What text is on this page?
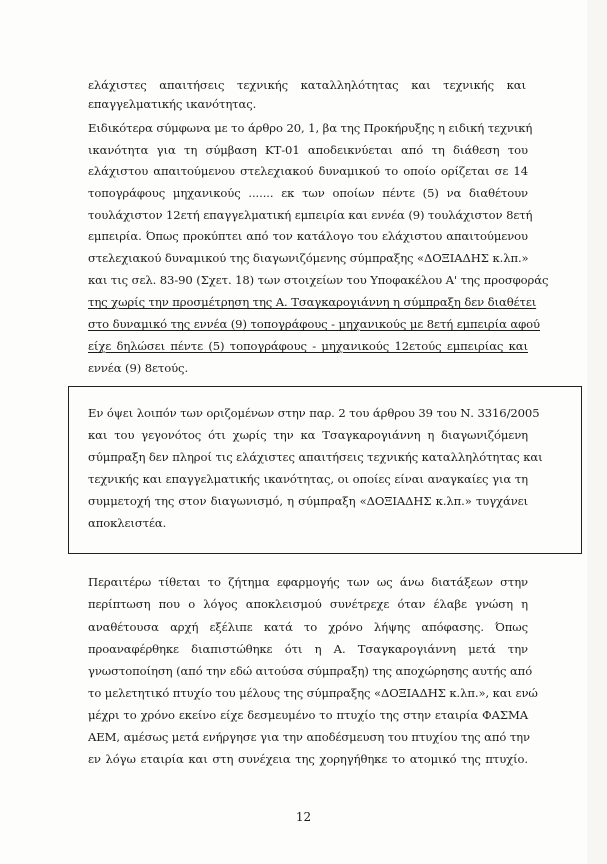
ελάχιστες απαιτήσεις τεχνικής καταλληλότητας και τεχνικής και
επαγγελματικής ικανότητας.
Ειδικότερα σύμφωνα με το άρθρο 20, 1, βα της Προκήρυξης η ειδική τεχνική
ικανότητα για τη σύμβαση ΚΤ-01 αποδεικνύεται από τη διάθεση του
ελάχιστου απαιτούμενου στελεχιακού δυναμικού το οποίο ορίζεται σε 14
τοπογράφους μηχανικούς ....... εκ των οποίων πέντε (5) να διαθέτουν
τουλάχιστον 12ετή επαγγελματική εμπειρία και εννέα (9) τουλάχιστον 8ετή
εμπειρία. Όπως προκύπτει από τον κατάλογο του ελάχιστου απαιτούμενου
στελεχιακού δυναμικού της διαγωνιζόμενης σύμπραξης «ΔΟΞΙΑΔΗΣ κ.λπ.»
και τις σελ. 83-90 (Σχετ. 18) των στοιχείων του Υποφακέλου Α' της προσφοράς
της χωρίς την προσμέτρηση της Α. Τσαγκαρογιάννη η σύμπραξη δεν διαθέτει
στο δυναμικό της εννέα (9) τοπογράφους - μηχανικούς με 8ετή εμπειρία αφού
είχε δηλώσει πέντε (5) τοπογράφους - μηχανικούς 12ετούς εμπειρίας και
εννέα (9) 8ετούς.
Εν όψει λοιπόν των οριζομένων στην παρ. 2 του άρθρου 39 του Ν. 3316/2005
και του γεγονότος ότι χωρίς την κα Τσαγκαρογιάννη η διαγωνιζόμενη
σύμπραξη δεν πληροί τις ελάχιστες απαιτήσεις τεχνικής καταλληλότητας και
τεχνικής και επαγγελματικής ικανότητας, οι οποίες είναι αναγκαίες για τη
συμμετοχή της στον διαγωνισμό, η σύμπραξη «ΔΟΞΙΑΔΗΣ κ.λπ.» τυγχάνει
αποκλειστέα.
Περαιτέρω τίθεται το ζήτημα εφαρμογής των ως άνω διατάξεων στην
περίπτωση που ο λόγος αποκλεισμού συνέτρεχε όταν έλαβε γνώση η
αναθέτουσα αρχή εξέλιπε κατά το χρόνο λήψης απόφασης. Όπως
προαναφέρθηκε διαπιστώθηκε ότι η Α. Τσαγκαρογιάννη μετά την
γνωστοποίηση (από την εδώ αιτούσα σύμπραξη) της αποχώρησης αυτής από
το μελετητικό πτυχίο του μέλους της σύμπραξης «ΔΟΞΙΑΔΗΣ κ.λπ.», και ενώ
μέχρι το χρόνο εκείνο είχε δεσμευμένο το πτυχίο της στην εταιρία ΦΑΣΜΑ
ΑΕΜ, αμέσως μετά ενήργησε για την αποδέσμευση του πτυχίου της από την
εν λόγω εταιρία και στη συνέχεια της χορηγήθηκε το ατομικό της πτυχίο.
12
